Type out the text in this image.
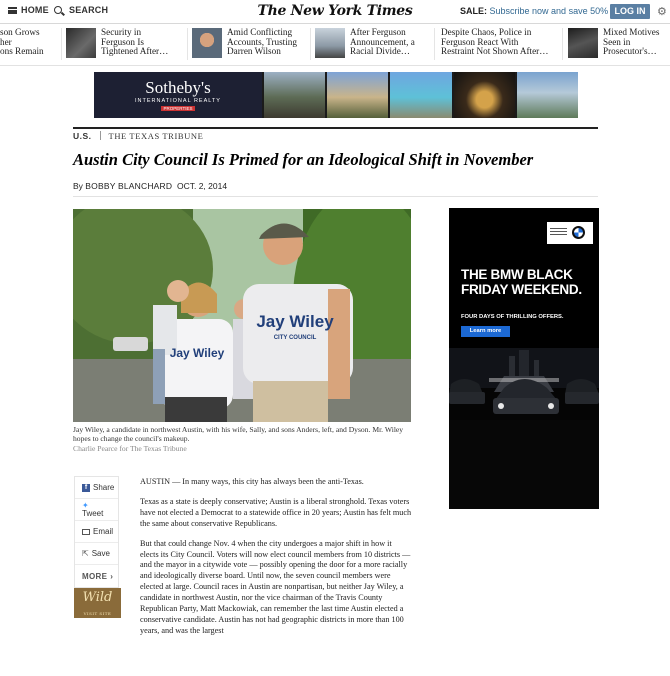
HOME SEARCH	The New York Times	SALE: Subscribe now and save 50% LOG IN	⚙
son Grows
her
ons Remain
Security in
Ferguson Is
Tightened After…
Amid Conflicting
Accounts, Trusting
Darren Wilson
After Ferguson
Announcement, a
Racial Divide…
Despite Chaos, Police in
Ferguson React With
Restraint Not Shown After…
Mixed Motives
Seen in
Prosecutor's…
Sotheby's
INTERNATIONAL REALTY
PROPERTIES
U.S. THE TEXAS TRIBUNE
Austin City Council Is Primed for an Ideological Shift in November
By BOBBY BLANCHARD OCT. 2, 2014
Jay Wiley
CITY COUNCIL
Jay Wiley
Jay Wiley, a candidate in northwest Austin, with his wife, Sally, and sons Anders, left, and Dyson. Mr. Wiley hopes to change the council's makeup.
Charlie Pearce for The Texas Tribune
f Share
✦
Tweet
Email
⇱ Save
MORE ›
Wild
VISIT SITE

AUSTIN — In many ways, this city has always been the anti-Texas.

Texas as a state is deeply conservative; Austin is a liberal stronghold. Texas voters have not elected a Democrat to a statewide office in 20 years; Austin has felt much the same about conservative Republicans.

But that could change Nov. 4 when the city undergoes a major shift in how it elects its City Council. Voters will now elect council members from 10 districts — and the mayor in a citywide vote — possibly opening the door for a more racially and ideologically diverse board. Until now, the seven council members were elected at large. Council races in Austin are nonpartisan, but neither Jay Wiley, a candidate in northwest Austin, nor the vice chairman of the Travis County Republican Party, Matt Mackowiak, can remember the last time Austin elected a conservative candidate. Austin has not had geographic districts in more than 100 years, and was the largest

THE BMW BLACK FRIDAY WEEKEND.
FOUR DAYS OF THRILLING OFFERS.
Learn more
